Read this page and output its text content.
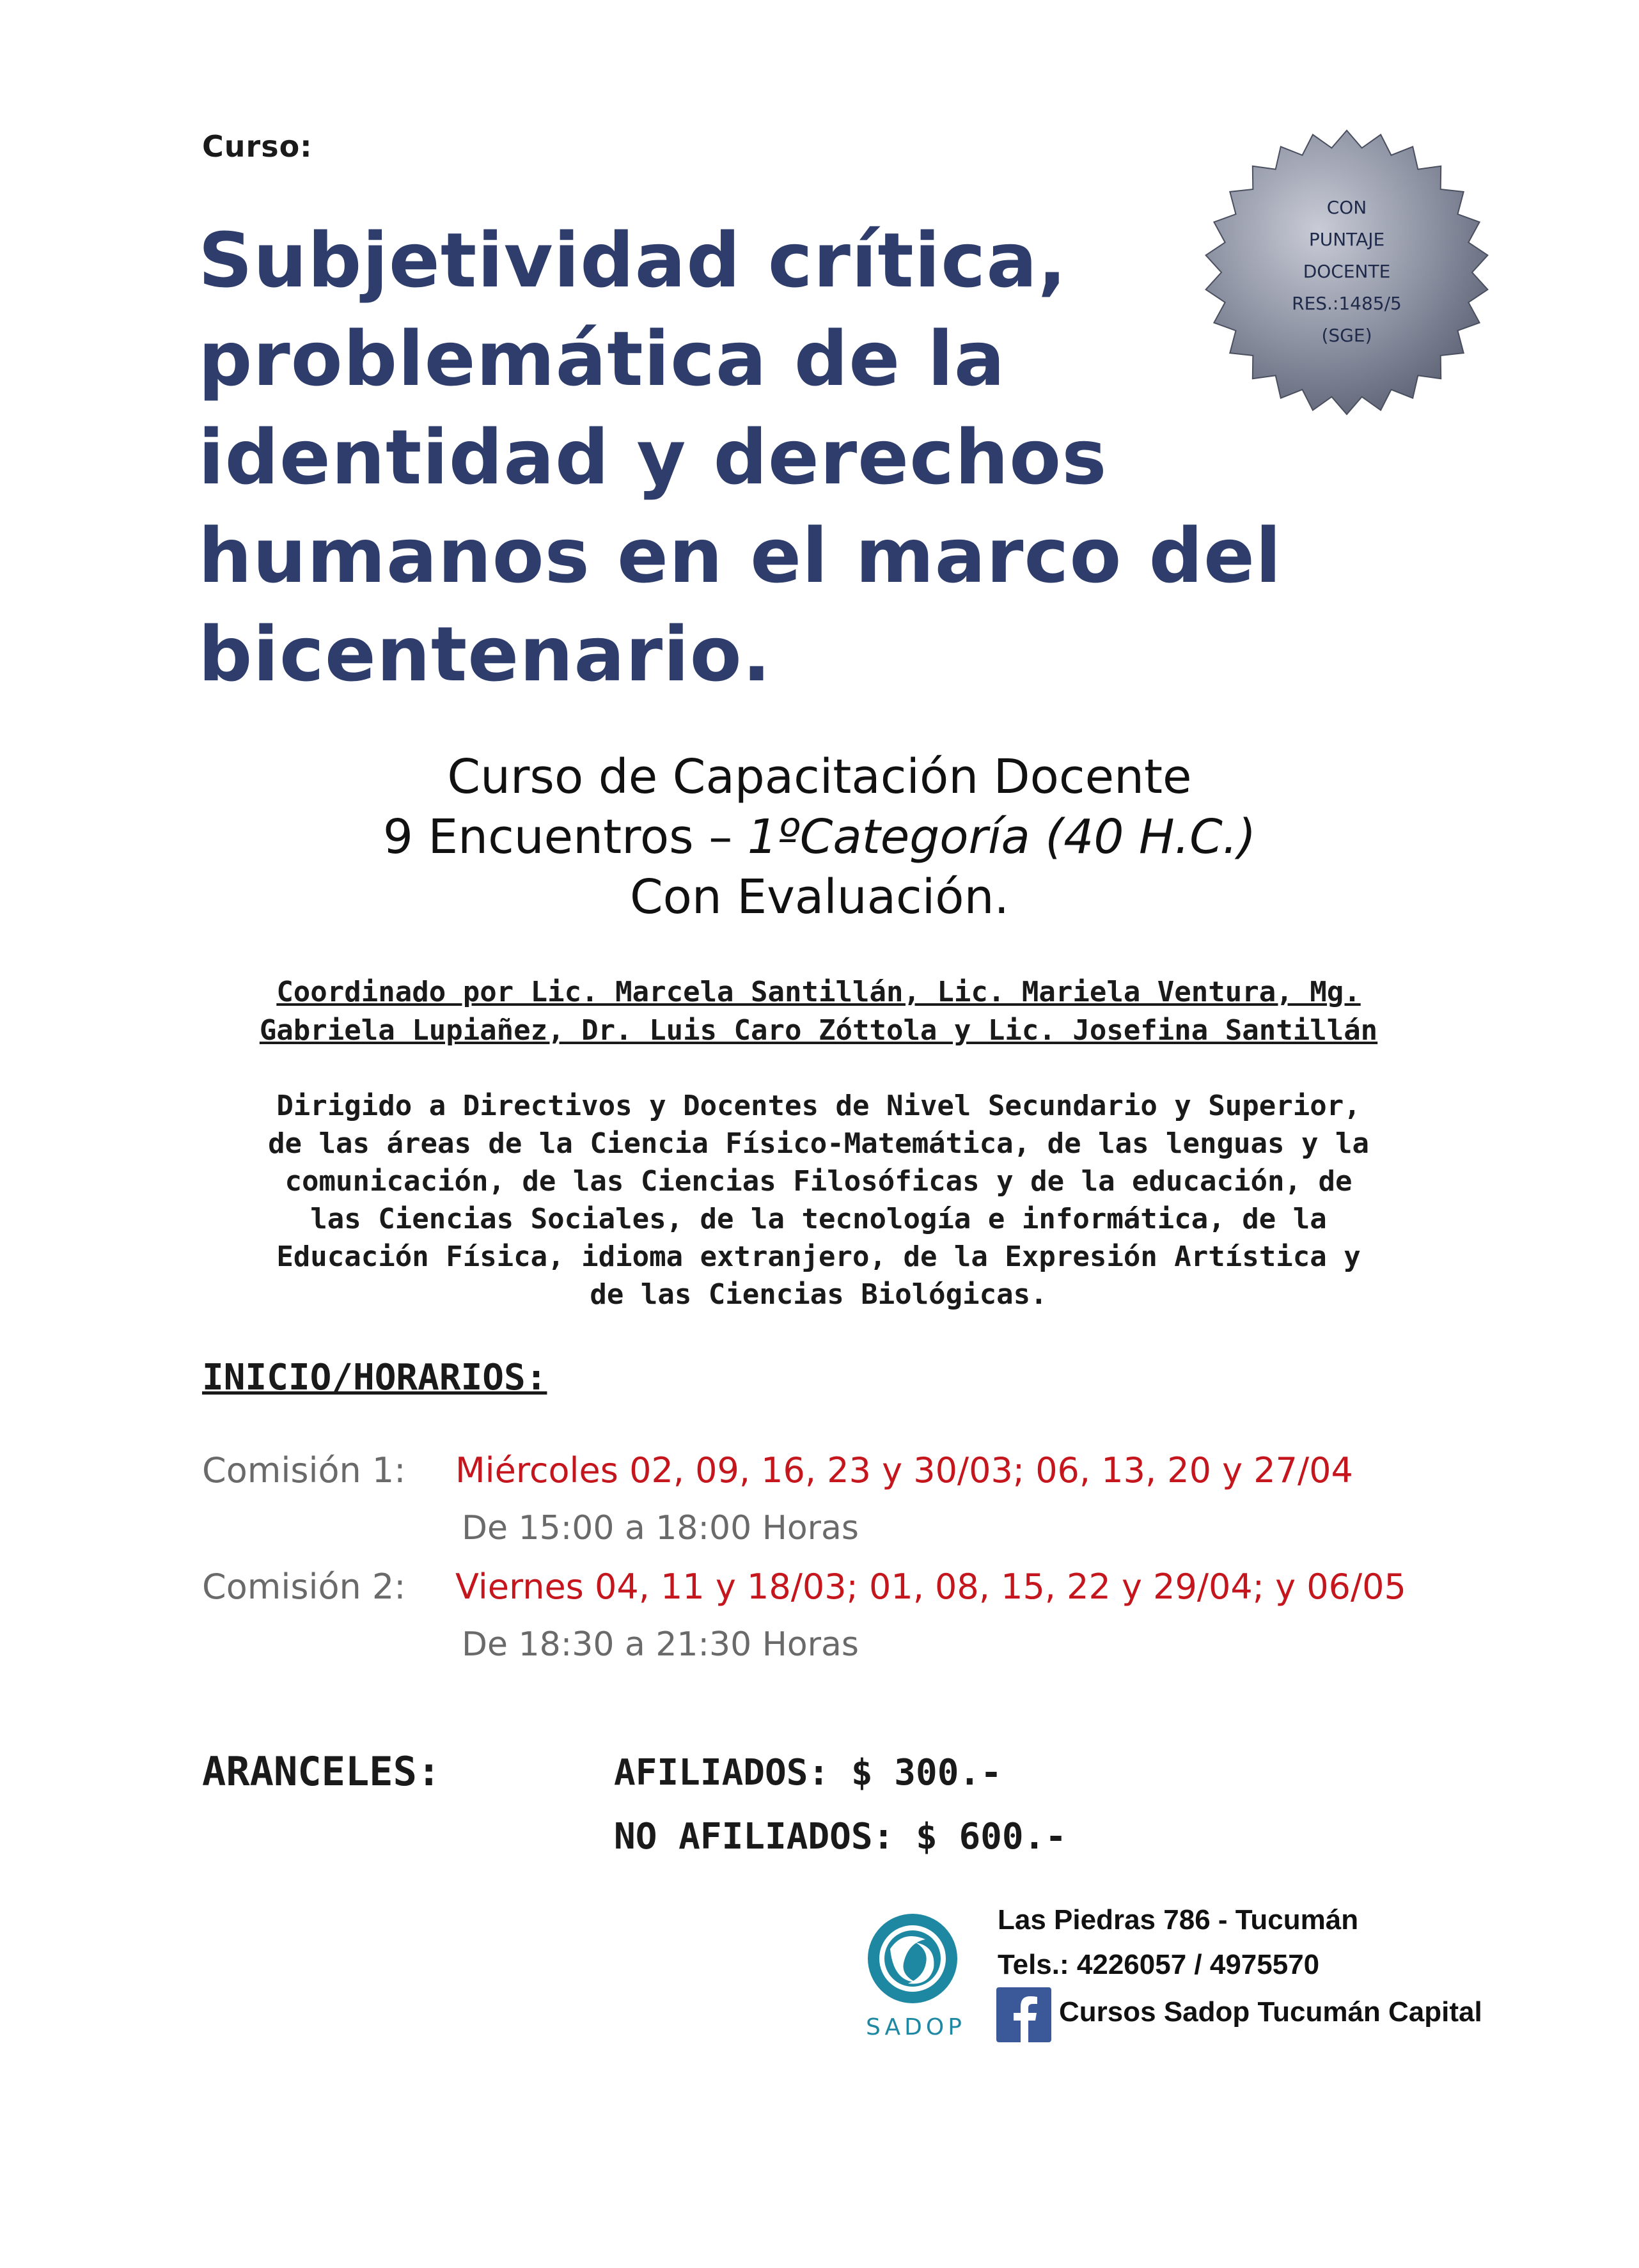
Curso:
Subjetividad crítica,
problemática de la
identidad y derechos
humanos en el marco del
bicentenario.
CON
PUNTAJE
DOCENTE
RES.:1485/5
(SGE)
Curso de Capacitación Docente
9 Encuentros – 1ºCategoría (40 H.C.)
Con Evaluación.
Coordinado por Lic. Marcela Santillán, Lic. Mariela Ventura, Mg.
Gabriela Lupiañez, Dr. Luis Caro Zóttola y Lic. Josefina Santillán
Dirigido a Directivos y Docentes de Nivel Secundario y Superior,
de las áreas de la Ciencia Físico-Matemática, de las lenguas y la
comunicación, de las Ciencias Filosóficas y de la educación, de
las Ciencias Sociales, de la tecnología e informática, de la
Educación Física, idioma extranjero, de la Expresión Artística y
de las Ciencias Biológicas.
INICIO/HORARIOS:
Comisión 1: Miércoles 02, 09, 16, 23 y 30/03; 06, 13, 20 y 27/04
De 15:00 a 18:00 Horas
Comisión 2: Viernes 04, 11 y 18/03; 01, 08, 15, 22 y 29/04; y 06/05
De 18:30 a 21:30 Horas
ARANCELES:	AFILIADOS: $ 300.-
NO AFILIADOS: $ 600.-
SADOP
Las Piedras 786 - Tucumán
Tels.: 4226057 / 4975570
Cursos Sadop Tucumán Capital
